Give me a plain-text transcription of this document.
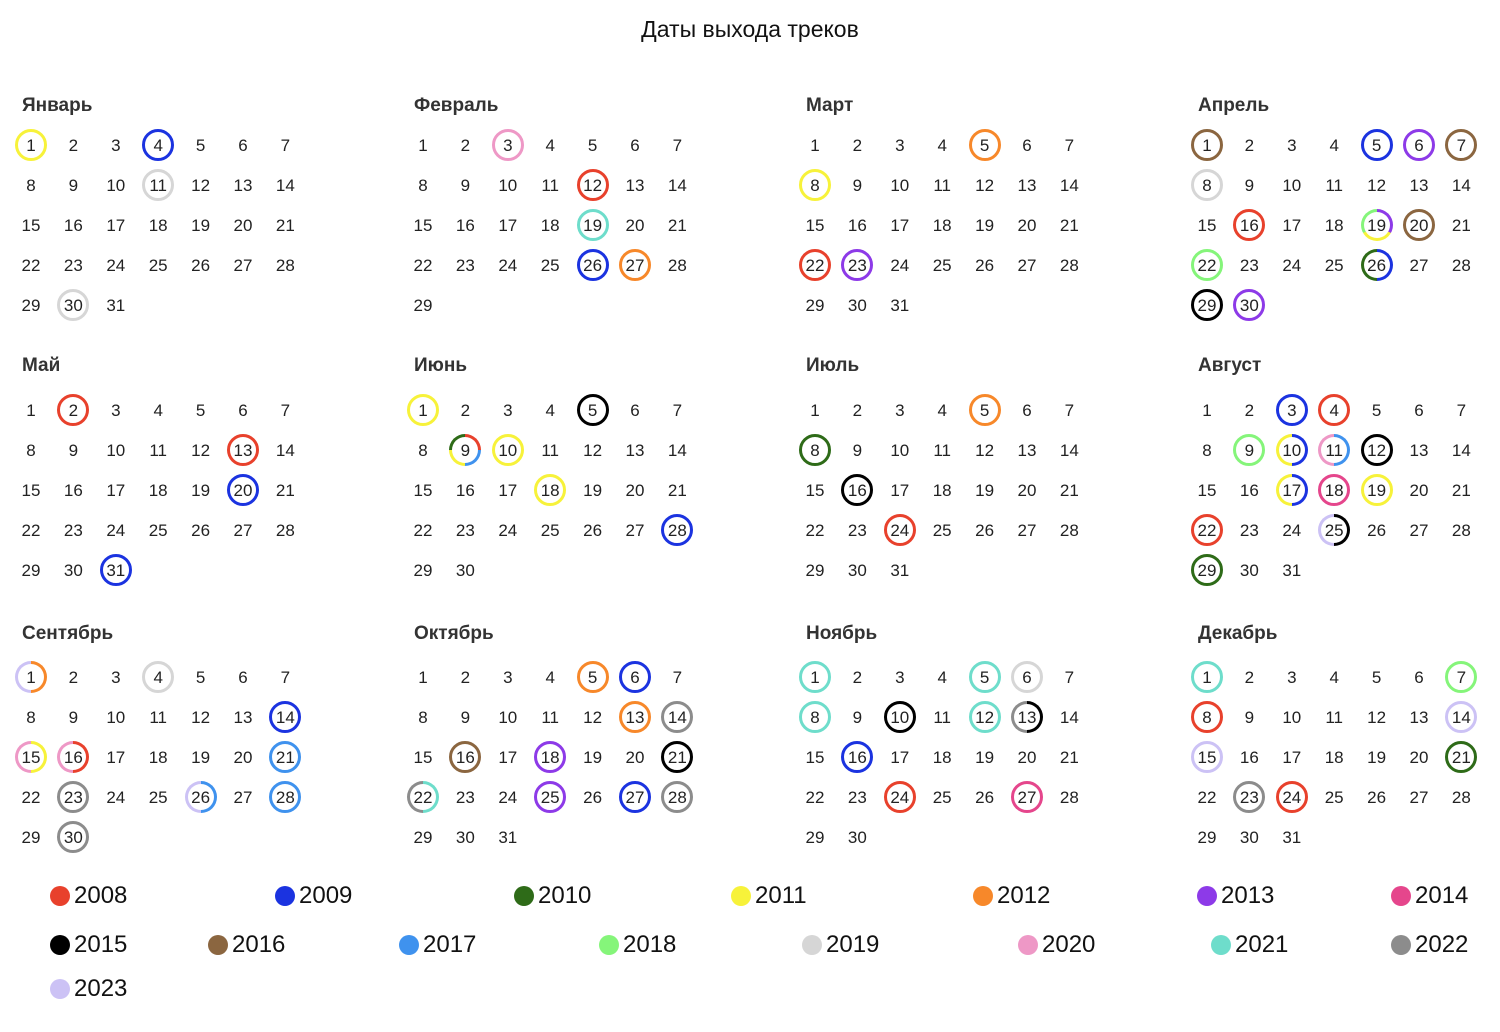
Даты выхода треков
Январь
1 2 3 4 5 6 7
8 9 10 11 12 13 14
15 16 17 18 19 20 21
22 23 24 25 26 27 28
29 30 31
Февраль
1 2 3 4 5 6 7
8 9 10 11 12 13 14
15 16 17 18 19 20 21
22 23 24 25 26 27 28
29
Март
1 2 3 4 5 6 7
8 9 10 11 12 13 14
15 16 17 18 19 20 21
22 23 24 25 26 27 28
29 30 31
Апрель
1 2 3 4 5 6 7
8 9 10 11 12 13 14
15 16 17 18 19 20 21
22 23 24 25 26 27 28
29 30
Май
1 2 3 4 5 6 7
8 9 10 11 12 13 14
15 16 17 18 19 20 21
22 23 24 25 26 27 28
29 30 31
Июнь
1 2 3 4 5 6 7
8 9 10 11 12 13 14
15 16 17 18 19 20 21
22 23 24 25 26 27 28
29 30
Июль
1 2 3 4 5 6 7
8 9 10 11 12 13 14
15 16 17 18 19 20 21
22 23 24 25 26 27 28
29 30 31
Август
1 2 3 4 5 6 7
8 9 10 11 12 13 14
15 16 17 18 19 20 21
22 23 24 25 26 27 28
29 30 31
Сентябрь
1 2 3 4 5 6 7
8 9 10 11 12 13 14
15 16 17 18 19 20 21
22 23 24 25 26 27 28
29 30
Октябрь
1 2 3 4 5 6 7
8 9 10 11 12 13 14
15 16 17 18 19 20 21
22 23 24 25 26 27 28
29 30 31
Ноябрь
1 2 3 4 5 6 7
8 9 10 11 12 13 14
15 16 17 18 19 20 21
22 23 24 25 26 27 28
29 30
Декабрь
1 2 3 4 5 6 7
8 9 10 11 12 13 14
15 16 17 18 19 20 21
22 23 24 25 26 27 28
29 30 31
2008	2009	2010	2011	2012	2013	2014
2015	2016	2017	2018	2019	2020	2021	2022
2023
